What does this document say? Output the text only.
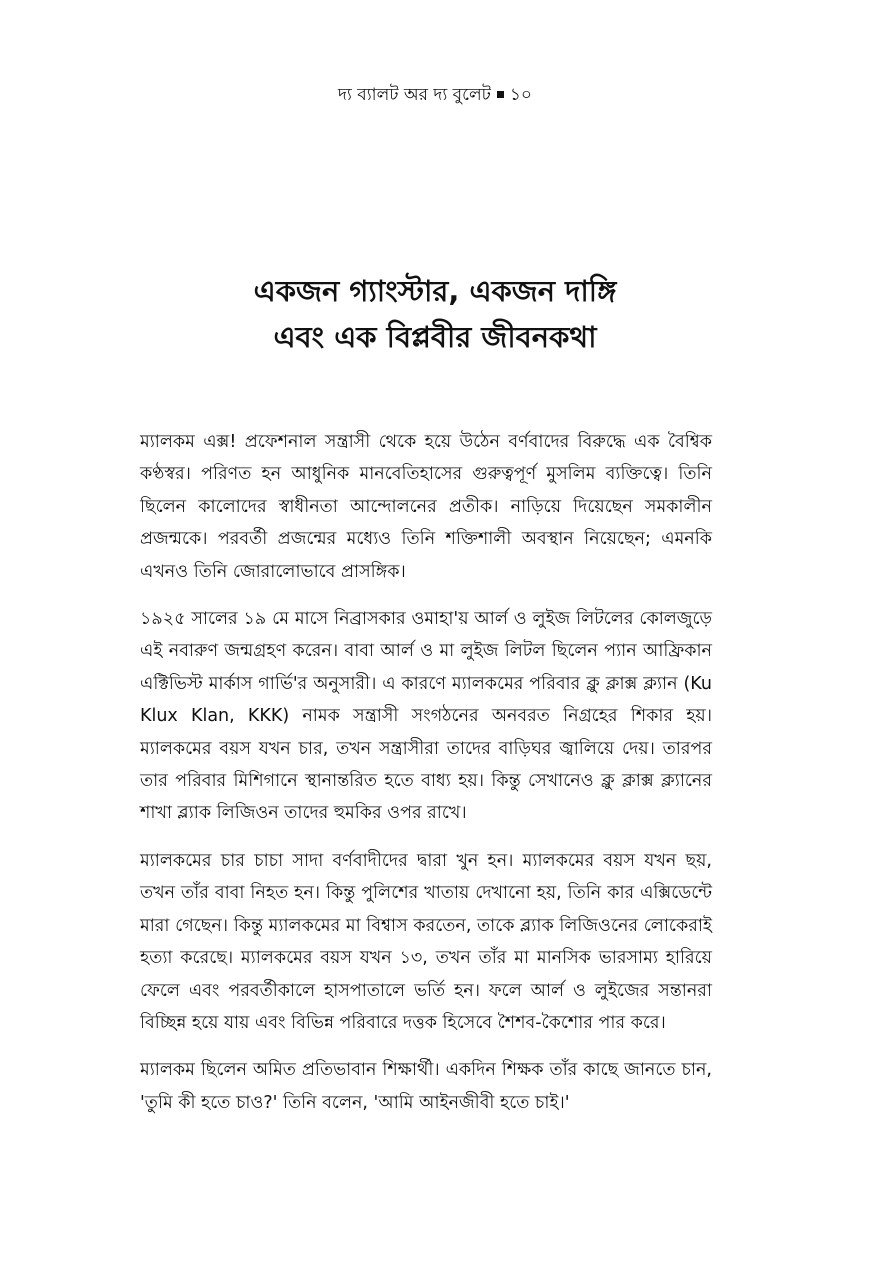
দ্য ব্যালট অর দ্য বুলেট ১০
একজন গ্যাংস্টার, একজন দাঙ্গি
এবং এক বিপ্লবীর জীবনকথা

ম্যালকম এক্স! প্রফেশনাল সন্ত্রাসী থেকে হয়ে উঠেন বর্ণবাদের বিরুদ্ধে এক বৈশ্বিক কণ্ঠস্বর। পরিণত হন আধুনিক মানবেতিহাসের গুরুত্বপূর্ণ মুসলিম ব্যক্তিত্বে। তিনি ছিলেন কালোদের স্বাধীনতা আন্দোলনের প্রতীক। নাড়িয়ে দিয়েছেন সমকালীন প্রজন্মকে। পরবর্তী প্রজন্মের মধ্যেও তিনি শক্তিশালী অবস্থান নিয়েছেন; এমনকি এখনও তিনি জোরালোভাবে প্রাসঙ্গিক।

১৯২৫ সালের ১৯ মে মাসে নিব্রাসকার ওমাহা'য় আর্ল ও লুইজ লিটলের কোলজুড়ে এই নবারুণ জন্মগ্রহণ করেন। বাবা আর্ল ও মা লুইজ লিটল ছিলেন প্যান আফ্রিকান এক্টিভিস্ট মার্কাস গার্ভি'র অনুসারী। এ কারণে ম্যালকমের পরিবার ক্লু ক্লাক্স ক্ল্যান (Ku Klux Klan, KKK) নামক সন্ত্রাসী সংগঠনের অনবরত নিগ্রহের শিকার হয়। ম্যালকমের বয়স যখন চার, তখন সন্ত্রাসীরা তাদের বাড়িঘর জ্বালিয়ে দেয়। তারপর তার পরিবার মিশিগানে স্থানান্তরিত হতে বাধ্য হয়। কিন্তু সেখানেও ক্লু ক্লাক্স ক্ল্যানের শাখা ব্ল্যাক লিজিওন তাদের হুমকির ওপর রাখে।

ম্যালকমের চার চাচা সাদা বর্ণবাদীদের দ্বারা খুন হন। ম্যালকমের বয়স যখন ছয়, তখন তাঁর বাবা নিহত হন। কিন্তু পুলিশের খাতায় দেখানো হয়, তিনি কার এক্সিডেন্টে মারা গেছেন। কিন্তু ম্যালকমের মা বিশ্বাস করতেন, তাকে ব্ল্যাক লিজিওনের লোকেরাই হত্যা করেছে। ম্যালকমের বয়স যখন ১৩, তখন তাঁর মা মানসিক ভারসাম্য হারিয়ে ফেলে এবং পরবর্তীকালে হাসপাতালে ভর্তি হন। ফলে আর্ল ও লুইজের সন্তানরা বিচ্ছিন্ন হয়ে যায় এবং বিভিন্ন পরিবারে দত্তক হিসেবে শৈশব-কৈশোর পার করে।

ম্যালকম ছিলেন অমিত প্রতিভাবান শিক্ষার্থী। একদিন শিক্ষক তাঁর কাছে জানতে চান, 'তুমি কী হতে চাও?' তিনি বলেন, 'আমি আইনজীবী হতে চাই।'
